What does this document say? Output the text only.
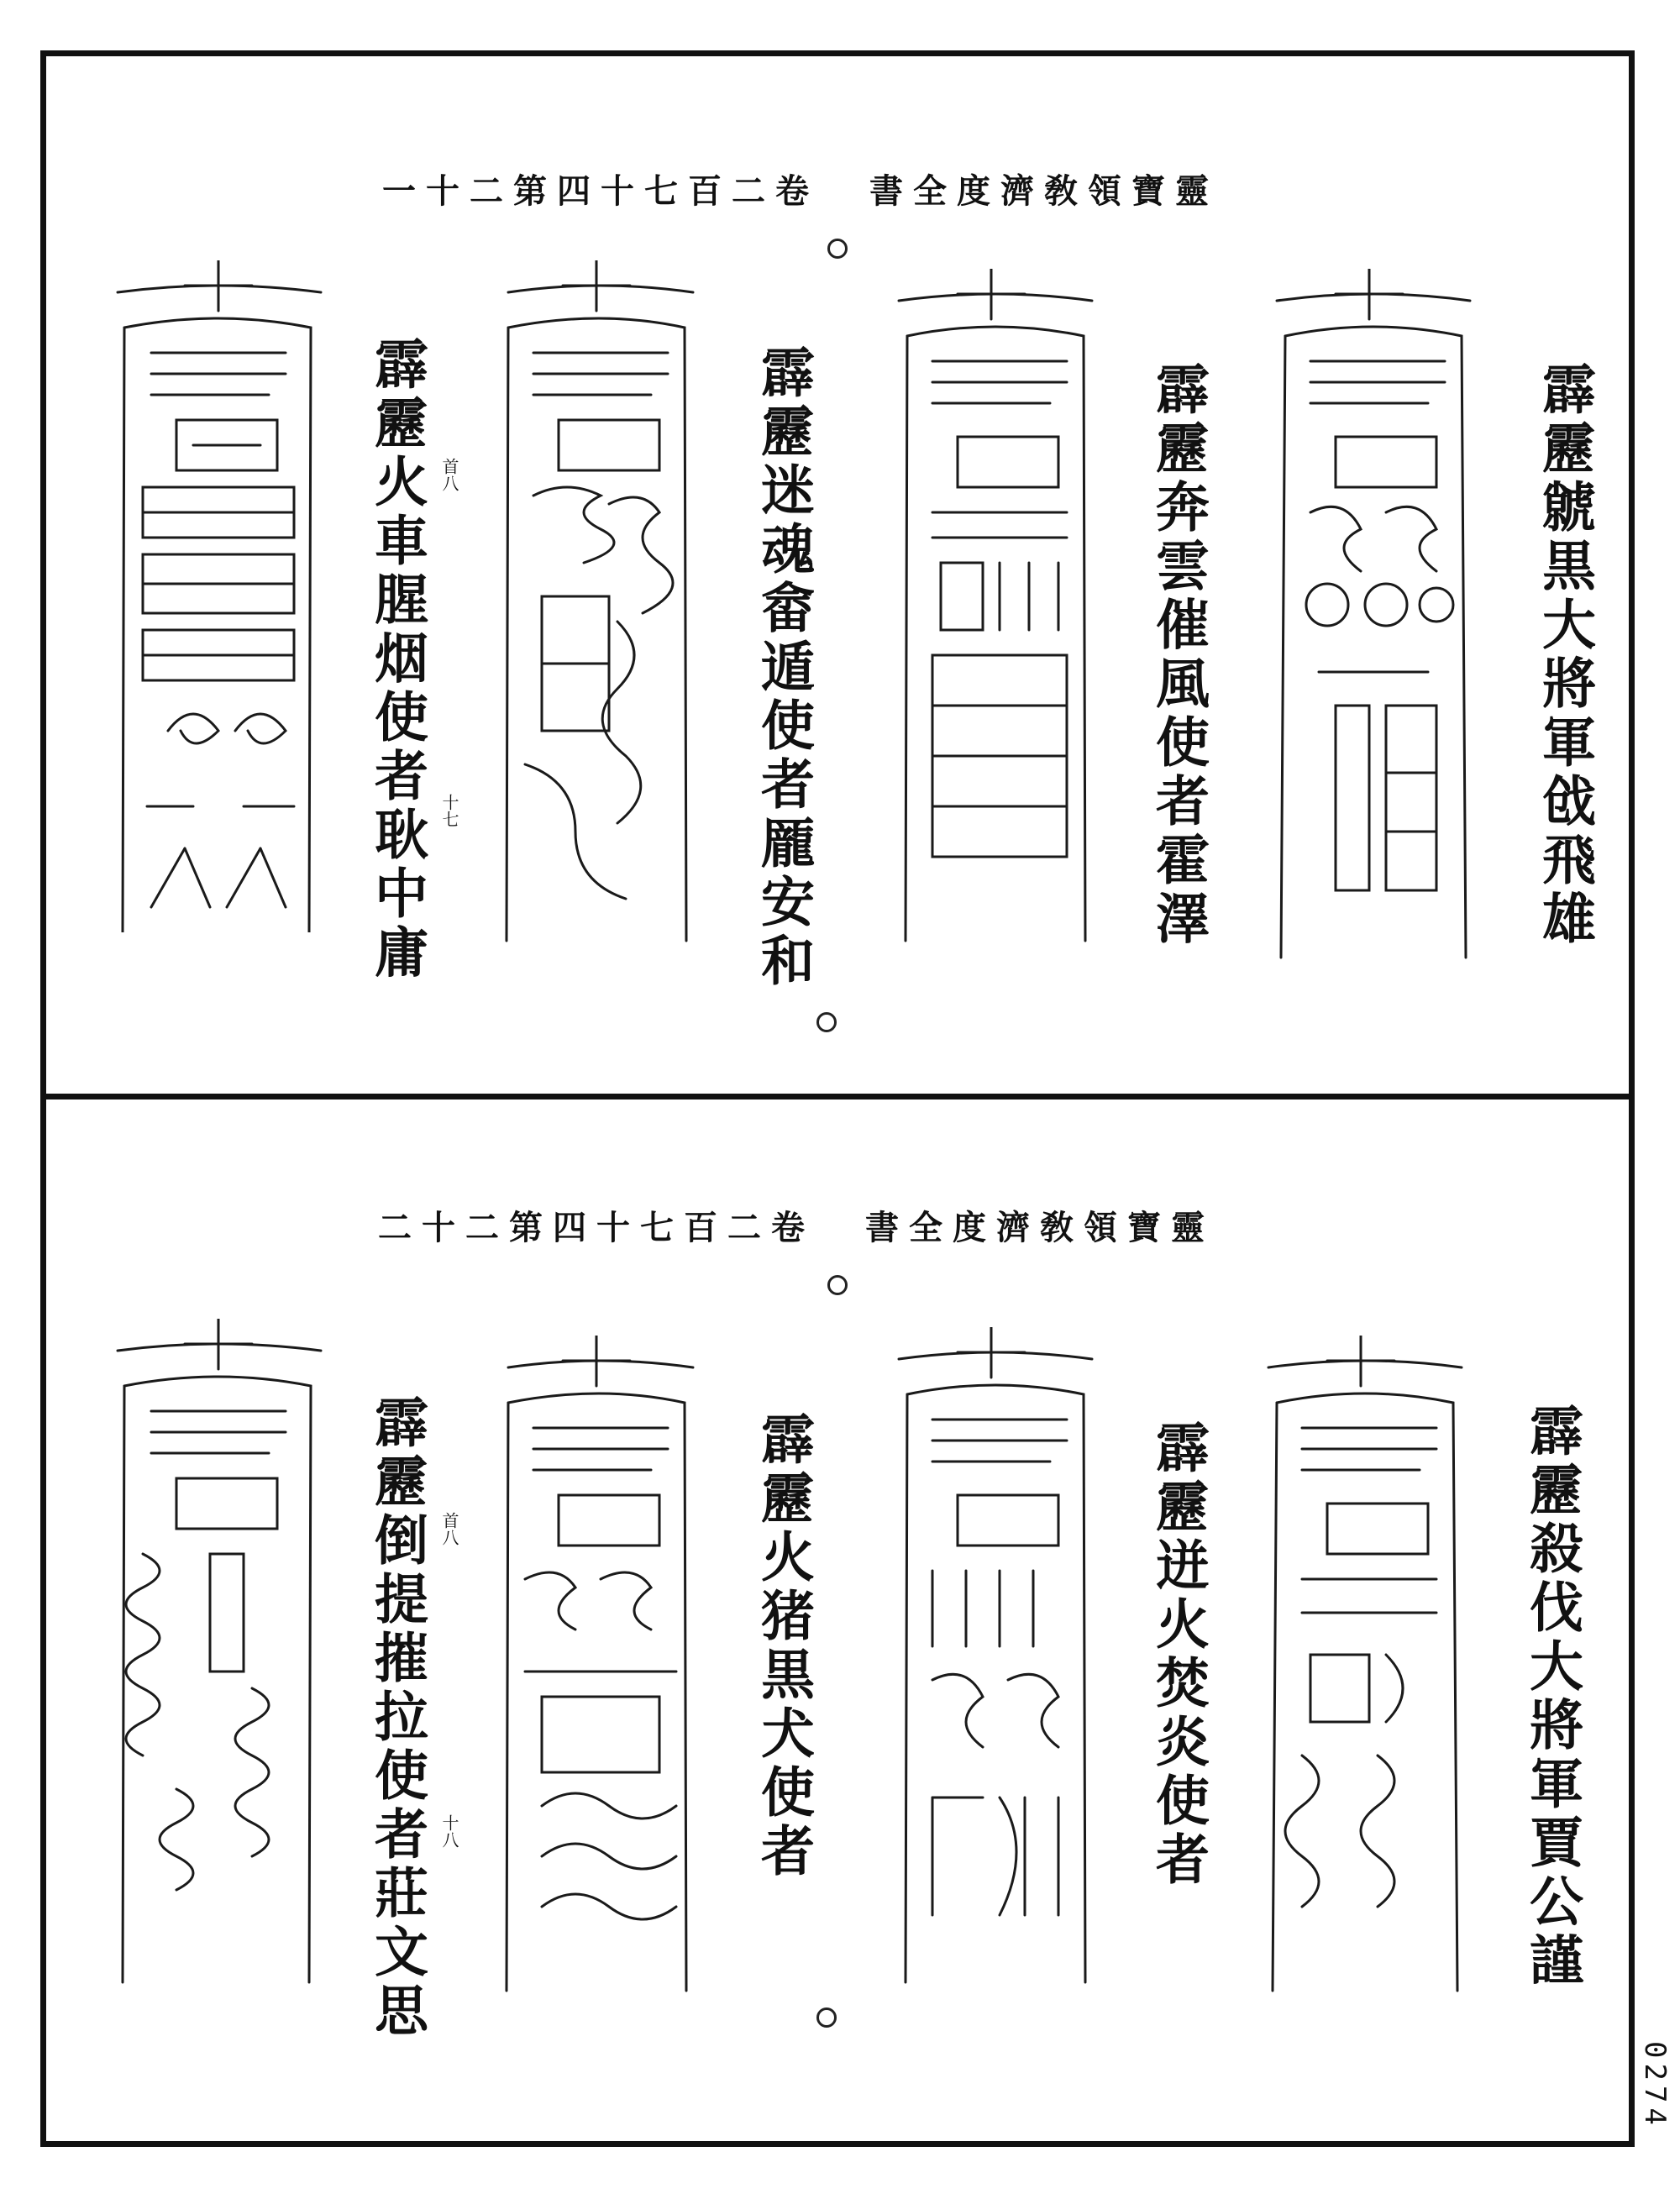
一十二第四十七百二卷 書全度濟敎領寶靈
霹靂火車腥烟使者耿中庸 首八
十七	霹靂迷魂畲遁使者龎安和	霹靂奔雲催風使者霍澤	霹靂虩黒大將軍戗飛雄
二十二第四十七百二卷 書全度濟敎領寶靈
霹靂倒提摧拉使者莊文思 首八
十八	霹靂火猪黒犬使者	霹靂迸火焚炎使者	霹靂殺伐大將軍賈公謹
0274
